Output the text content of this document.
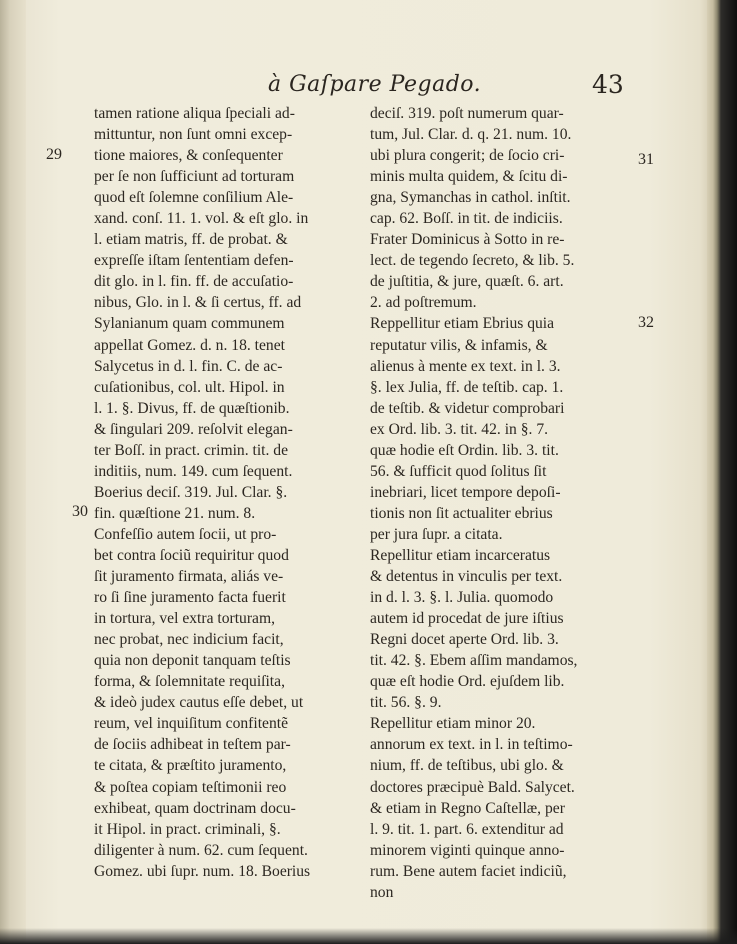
à Gaſpare Pegado.	43
tamen ratione aliqua ſpeciali ad-
mittuntur, non ſunt omni excep-
tione maiores, & conſequenter
per ſe non ſufficiunt ad torturam
quod eſt ſolemne conſilium Ale-
xand. conſ. 11. 1. vol. & eſt glo. in
l. etiam matris, ff. de probat. &
expreſſe iſtam ſententiam defen-
dit glo. in l. fin. ff. de accuſatio-
nibus, Glo. in l. & ſi certus, ff. ad
Sylanianum quam communem
appellat Gomez. d. n. 18. tenet
Salycetus in d. l. fin. C. de ac-
cuſationibus, col. ult. Hipol. in
l. 1. §. Divus, ff. de quæſtionib.
& ſingulari 209. reſolvit elegan-
ter Boſſ. in pract. crimin. tit. de
inditiis, num. 149. cum ſequent.
Boerius deciſ. 319. Jul. Clar. §.
fin. quæſtione 21. num. 8.
Confeſſio autem ſocii, ut pro-
bet contra ſociũ requiritur quod
ſit juramento firmata, aliás ve-
ro ſi ſine juramento facta fuerit
in tortura, vel extra torturam,
nec probat, nec indicium facit,
quia non deponit tanquam teſtis
forma, & ſolemnitate requiſita,
& ideò judex cautus eſſe debet, ut
reum, vel inquiſitum confitentẽ
de ſociis adhibeat in teſtem par-
te citata, & præſtito juramento,
& poſtea copiam teſtimonii reo
exhibeat, quam doctrinam docu-
it Hipol. in pract. criminali, §.
diligenter à num. 62. cum ſequent.
Gomez. ubi ſupr. num. 18. Boerius
deciſ. 319. poſt numerum quar-
tum, Jul. Clar. d. q. 21. num. 10.
ubi plura congerit; de ſocio cri-
minis multa quidem, & ſcitu di-
gna, Symanchas in cathol. inſtit.
cap. 62. Boſſ. in tit. de indiciis.
Frater Dominicus à Sotto in re-
lect. de tegendo ſecreto, & lib. 5.
de juſtitia, & jure, quæſt. 6. art.
2. ad poſtremum.
Reppellitur etiam Ebrius quia
reputatur vilis, & infamis, &
alienus à mente ex text. in l. 3.
§. lex Julia, ff. de teſtib. cap. 1.
de teſtib. & videtur comprobari
ex Ord. lib. 3. tit. 42. in §. 7.
quæ hodie eſt Ordin. lib. 3. tit.
56. & ſufficit quod ſolitus ſit
inebriari, licet tempore depoſi-
tionis non ſit actualiter ebrius
per jura ſupr. a citata.
Repellitur etiam incarceratus
& detentus in vinculis per text.
in d. l. 3. §. l. Julia. quomodo
autem id procedat de jure iſtius
Regni docet aperte Ord. lib. 3.
tit. 42. §. Ebem aſſim mandamos,
quæ eſt hodie Ord. ejuſdem lib.
tit. 56. §. 9.
Repellitur etiam minor 20.
annorum ex text. in l. in teſtimo-
nium, ff. de teſtibus, ubi glo. &
doctores præcipuè Bald. Salycet.
& etiam in Regno Caſtellæ, per
l. 9. tit. 1. part. 6. extenditur ad
minorem viginti quinque anno-
rum. Bene autem faciet indiciũ,
non
29
30
31
32
